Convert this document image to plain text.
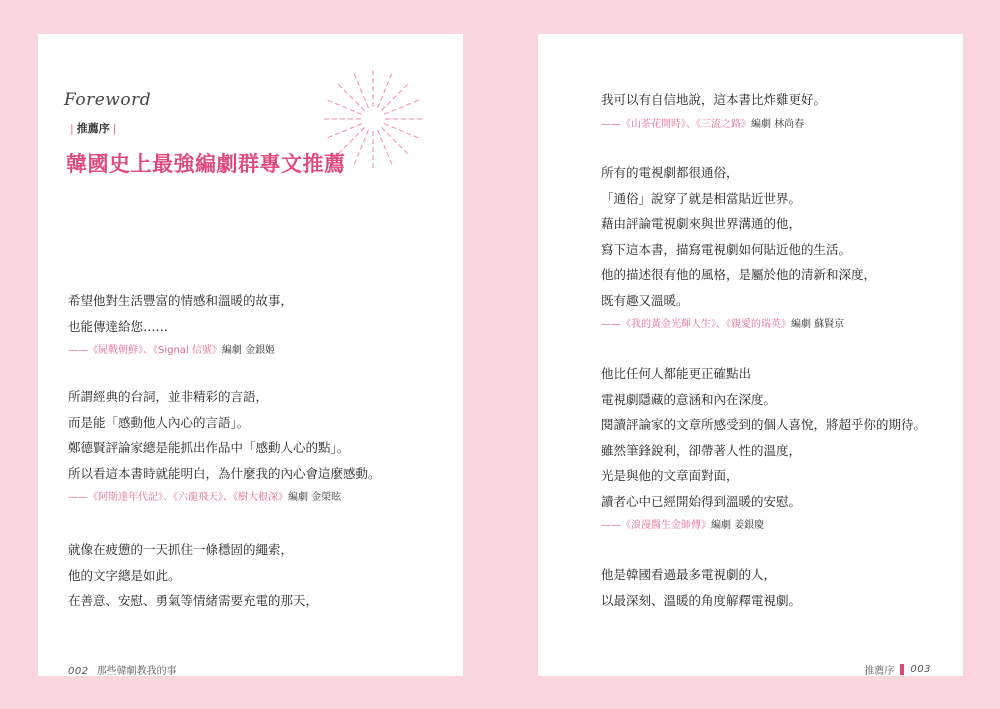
Foreword
| 推薦序 |
韓國史上最強編劇群專文推薦
希望他對生活豐富的情感和溫暖的故事，
也能傳達給您……
——《屍戰朝鮮》、《Signal 信號》編劇 金銀姬
所謂經典的台詞，並非精彩的言語，
而是能「感動他人內心的言語」。
鄭德賢評論家總是能抓出作品中「感動人心的點」。
所以看這本書時就能明白，為什麼我的內心會這麼感動。
——《阿斯達年代記》、《六龍飛天》、《樹大根深》編劇 金榮眩
就像在疲憊的一天抓住一條穩固的繩索，
他的文字總是如此。
在善意、安慰、勇氣等情緒需要充電的那天，
002 那些韓劇教我的事
我可以有自信地說，這本書比炸雞更好。
——《山茶花開時》、《三流之路》編劇 林尚春
所有的電視劇都很通俗，
「通俗」說穿了就是相當貼近世界。
藉由評論電視劇來與世界溝通的他，
寫下這本書，描寫電視劇如何貼近他的生活。
他的描述很有他的風格，是屬於他的清新和深度，
既有趣又溫暖。
——《我的黃金光輝人生》、《親愛的瑞英》編劇 蘇賢京
他比任何人都能更正確點出
電視劇隱藏的意涵和內在深度。
閱讀評論家的文章所感受到的個人喜悅，將超乎你的期待。
雖然筆鋒銳利，卻帶著人性的溫度，
光是與他的文章面對面，
讀者心中已經開始得到溫暖的安慰。
——《浪漫醫生金師傅》編劇 姜銀慶
他是韓國看過最多電視劇的人，
以最深刻、溫暖的角度解釋電視劇。
推薦序 003
